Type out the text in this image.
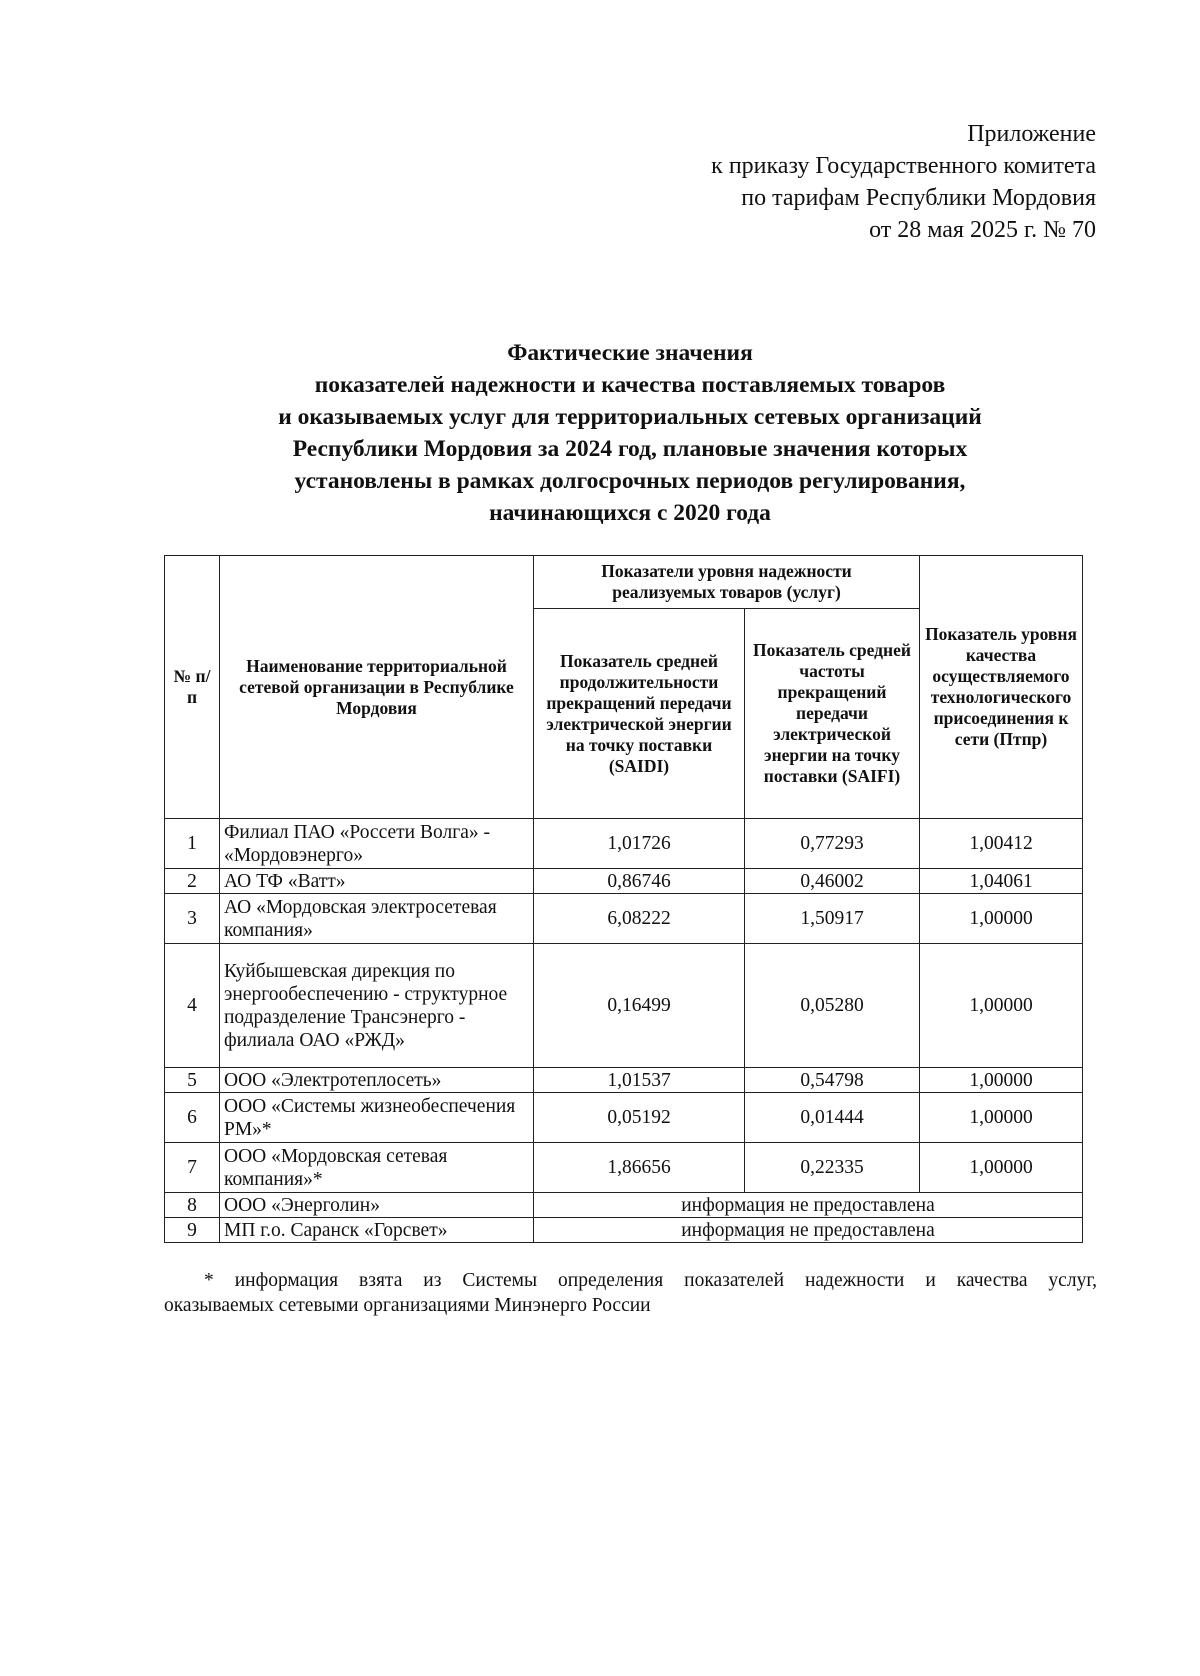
Приложение
к приказу Государственного комитета
по тарифам Республики Мордовия
от 28 мая 2025 г. № 70
Фактические значения
показателей надежности и качества поставляемых товаров
и оказываемых услуг для территориальных сетевых организаций
Республики Мордовия за 2024 год, плановые значения которых
установлены в рамках долгосрочных периодов регулирования,
начинающихся с 2020 года
№ п/п	Наименование территориальной сетевой организации в Республике Мордовия	Показатели уровня надежности реализуемых товаров (услуг)		Показатель уровня качества осуществляемого технологического присоединения к сети (Птпр)
		Показатель средней продолжительности прекращений передачи электрической энергии на точку поставки (SAIDI)	Показатель средней частоты прекращений передачи электрической энергии на точку поставки (SAIFI)	
1	Филиал ПАО «Россети Волга» - «Мордовэнерго»	1,01726	0,77293	1,00412
2	АО ТФ «Ватт»	0,86746	0,46002	1,04061
3	АО «Мордовская электросетевая компания»	6,08222	1,50917	1,00000
4	Куйбышевская дирекция по энергообеспечению - структурное подразделение Трансэнерго - филиала ОАО «РЖД»	0,16499	0,05280	1,00000
5	ООО «Электротеплосеть»	1,01537	0,54798	1,00000
6	ООО «Системы жизнеобеспечения РМ»*	0,05192	0,01444	1,00000
7	ООО «Мордовская сетевая компания»*	1,86656	0,22335	1,00000
8	ООО «Энерголин»	информация не предоставлена		
9	МП г.о. Саранск «Горсвет»	информация не предоставлена		
* информация взята из Системы определения показателей надежности и качества услуг,
оказываемых сетевыми организациями Минэнерго России
